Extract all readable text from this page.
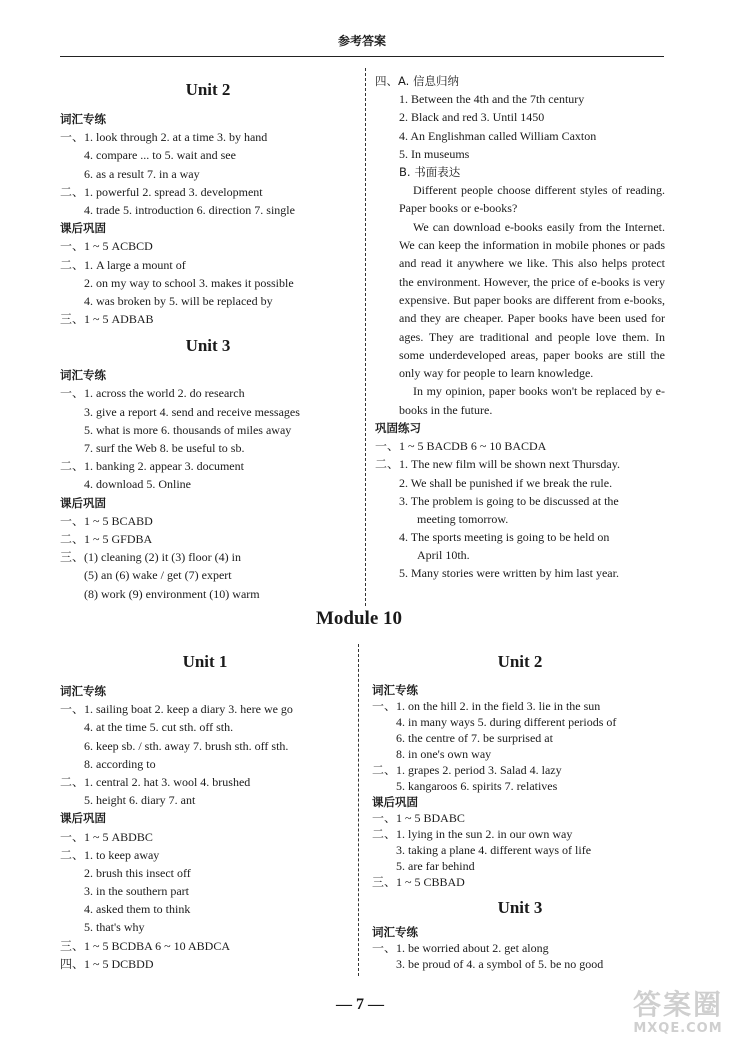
参考答案
Unit 2
词汇专练
一、1. look through 2. at a time 3. by hand
4. compare ... to 5. wait and see
6. as a result 7. in a way
二、1. powerful 2. spread 3. development
4. trade 5. introduction 6. direction 7. single
课后巩固
一、1 ~ 5 ACBCD
二、1. A large a mount of
2. on my way to school 3. makes it possible
4. was broken by 5. will be replaced by
三、1 ~ 5 ADBAB
Unit 3
词汇专练
一、1. across the world 2. do research
3. give a report 4. send and receive messages
5. what is more 6. thousands of miles away
7. surf the Web 8. be useful to sb.
二、1. banking 2. appear 3. document
4. download 5. Online
课后巩固
一、1 ~ 5 BCABD
二、1 ~ 5 GFDBA
三、(1) cleaning (2) it (3) floor (4) in
(5) an (6) wake / get (7) expert
(8) work (9) environment (10) warm
四、A. 信息归纳
1. Between the 4th and the 7th century
2. Black and red 3. Until 1450
4. An Englishman called William Caxton
5. In museums
B. 书面表达
Different people choose different styles of reading. Paper books or e-books?
We can download e-books easily from the Internet. We can keep the information in mobile phones or pads and read it anywhere we like. This also helps protect the environment. However, the price of e-books is very expensive. But paper books are different from e-books, and they are cheaper. Paper books have been used for ages. They are traditional and people love them. In some underdeveloped areas, paper books are still the only way for people to learn knowledge.
In my opinion, paper books won't be replaced by e-books in the future.
巩固练习
一、1 ~ 5 BACDB 6 ~ 10 BACDA
二、1. The new film will be shown next Thursday.
2. We shall be punished if we break the rule.
3. The problem is going to be discussed at the
meeting tomorrow.
4. The sports meeting is going to be held on
April 10th.
5. Many stories were written by him last year.
Module 10
Unit 1
词汇专练
一、1. sailing boat 2. keep a diary 3. here we go
4. at the time 5. cut sth. off sth.
6. keep sb. / sth. away 7. brush sth. off sth.
8. according to
二、1. central 2. hat 3. wool 4. brushed
5. height 6. diary 7. ant
课后巩固
一、1 ~ 5 ABDBC
二、1. to keep away
2. brush this insect off
3. in the southern part
4. asked them to think
5. that's why
三、1 ~ 5 BCDBA 6 ~ 10 ABDCA
四、1 ~ 5 DCBDD
Unit 2
词汇专练
一、1. on the hill 2. in the field 3. lie in the sun
4. in many ways 5. during different periods of
6. the centre of 7. be surprised at
8. in one's own way
二、1. grapes 2. period 3. Salad 4. lazy
5. kangaroos 6. spirits 7. relatives
课后巩固
一、1 ~ 5 BDABC
二、1. lying in the sun 2. in our own way
3. taking a plane 4. different ways of life
5. are far behind
三、1 ~ 5 CBBAD
Unit 3
词汇专练
一、1. be worried about 2. get along
3. be proud of 4. a symbol of 5. be no good
— 7 —	答案圈
MXQE.COM
